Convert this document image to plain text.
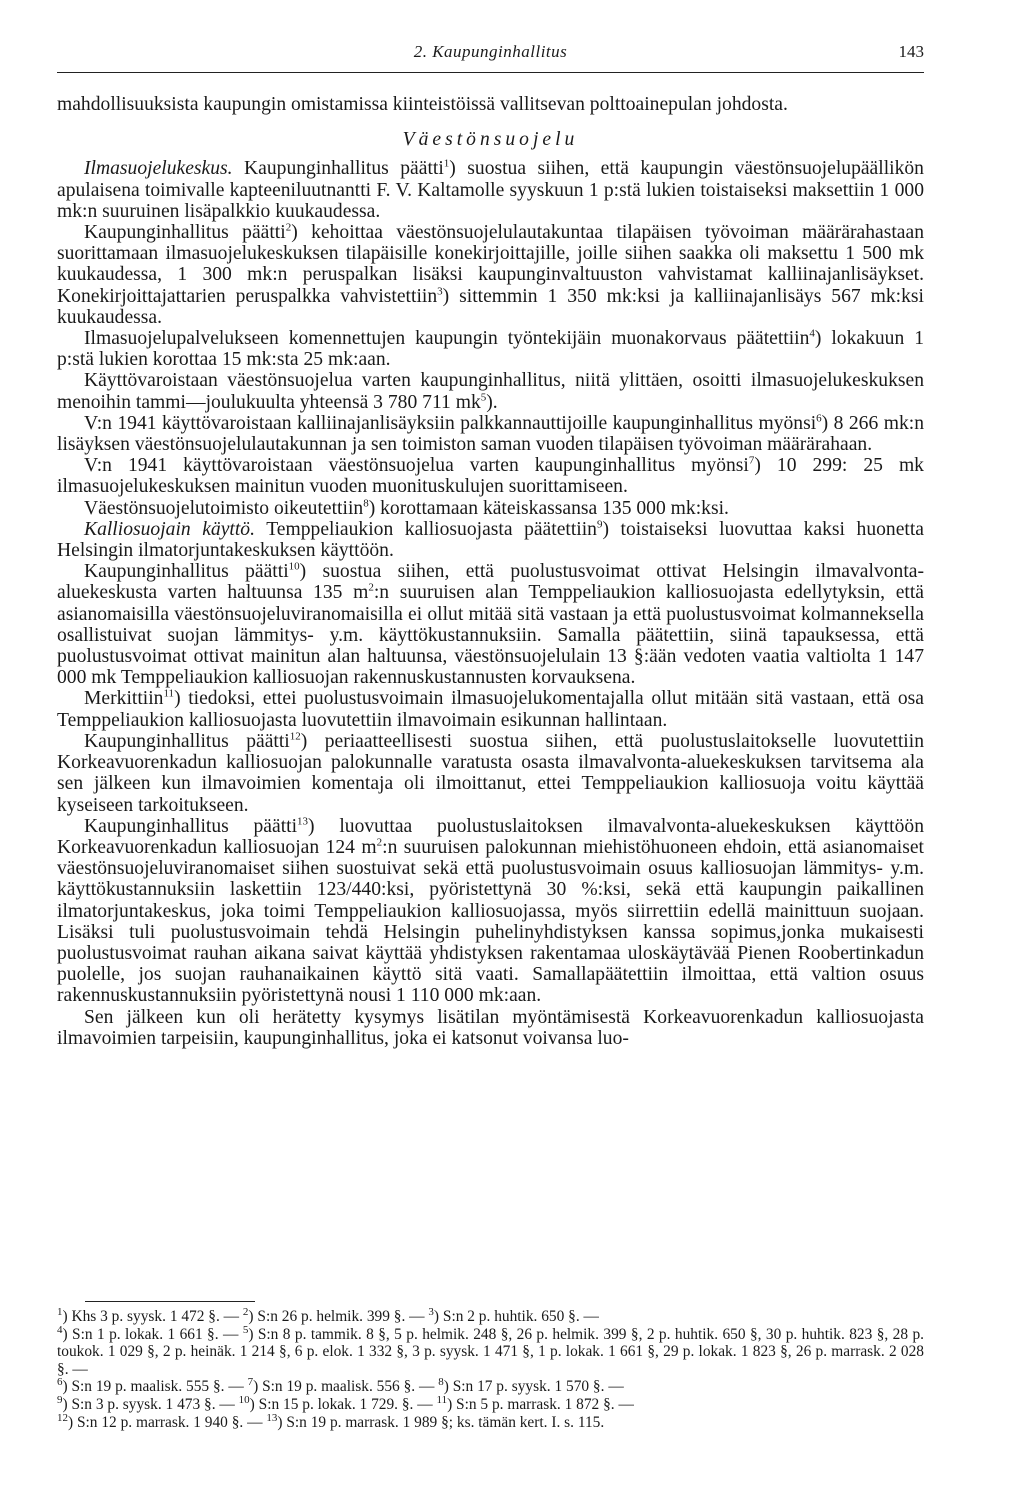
2. Kaupunginhallitus	143

mahdollisuuksista kaupungin omistamissa kiinteistöissä vallitsevan polttoainepulan johdosta.

Väestönsuojelu

Ilmasuojelukeskus. Kaupunginhallitus päätti$^1$) suostua siihen, että kaupungin väestönsuojelupäällikön apulaisena toimivalle kapteeniluutnantti F. V. Kaltamolle syyskuun 1 p:stä lukien toistaiseksi maksettiin 1 000 mk:n suuruinen lisäpalkkio kuukaudessa.

Kaupunginhallitus päätti$^2$) kehoittaa väestönsuojelulautakuntaa tilapäisen työvoiman määrärahastaan suorittamaan ilmasuojelukeskuksen tilapäisille konekirjoittajille, joille siihen saakka oli maksettu 1 500 mk kuukaudessa, 1 300 mk:n peruspalkan lisäksi kaupunginvaltuuston vahvistamat kalliinajanlisäykset. Konekirjoittajattarien peruspalkka vahvistettiin$^3$) sittemmin 1 350 mk:ksi ja kalliinajanlisäys 567 mk:ksi kuukaudessa.

Ilmasuojelupalvelukseen komennettujen kaupungin työntekijäin muonakorvaus päätettiin$^4$) lokakuun 1 p:stä lukien korottaa 15 mk:sta 25 mk:aan.

Käyttövaroistaan väestönsuojelua varten kaupunginhallitus, niitä ylittäen, osoitti ilmasuojelukeskuksen menoihin tammi—joulukuulta yhteensä 3 780 711 $mk^5$).

V:n 1941 käyttövaroistaan kalliinajanlisäyksiin palkkannauttijoille kaupunginhallitus myönsi$^6$) 8 266 mk:n lisäyksen väestönsuojelulautakunnan ja sen toimiston saman vuoden tilapäisen työvoiman määrärahaan.

V:n 1941 käyttövaroistaan väestönsuojelua varten kaupunginhallitus myönsi$^7$) 10 299: 25 mk ilmasuojelukeskuksen mainitun vuoden muonituskulujen suorittamiseen.

Väestönsuojelutoimisto oikeutettiin$^8$) korottamaan käteiskassansa 135 000 mk:ksi.

Kalliosuojain käyttö. Temppeliaukion kalliosuojasta päätettiin$^9$) toistaiseksi luovuttaa kaksi huonetta Helsingin ilmatorjuntakeskuksen käyttöön.

Kaupunginhallitus päätti$^{10}$) suostua siihen, että puolustusvoimat ottivat Helsingin ilmavalvonta-aluekeskusta varten haltuunsa 135 $m^2:n$ suuruisen alan Temppeliaukion kalliosuojasta edellytyksin, että asianomaisilla väestönsuojeluviranomaisilla ei ollut mitää sitä vastaan ja että puolustusvoimat kolmanneksella osallistuivat suojan lämmitys- y.m. käyttökustannuksiin. Samalla päätettiin, siinä tapauksessa, että puolustusvoimat ottivat mainitun alan haltuunsa, väestönsuojelulain 13 §:ään vedoten vaatia valtiolta 1 147 000 mk Temppeliaukion kalliosuojan rakennuskustannusten korvauksena.

Merkittiin$^{11}$) tiedoksi, ettei puolustusvoimain ilmasuojelukomentajalla ollut mitään sitä vastaan, että osa Temppeliaukion kalliosuojasta luovutettiin ilmavoimain esikunnan hallintaan.

Kaupunginhallitus päätti$^{12}$) periaatteellisesti suostua siihen, että puolustuslaitokselle luovutettiin Korkeavuorenkadun kalliosuojan palokunnalle varatusta osasta ilmavalvonta-aluekeskuksen tarvitsema ala sen jälkeen kun ilmavoimien komentaja oli ilmoittanut, ettei Temppeliaukion kalliosuoja voitu käyttää kyseiseen tarkoitukseen.

Kaupunginhallitus päätti$^{13}$) luovuttaa puolustuslaitoksen ilmavalvonta-aluekeskuksen käyttöön Korkeavuorenkadun kalliosuojan 124 $m^2:n$ suuruisen palokunnan miehistöhuoneen ehdoin, että asianomaiset väestönsuojeluviranomaiset siihen suostuivat sekä että puolustusvoimain osuus kalliosuojan lämmitys- y.m. käyttökustannuksiin laskettiin 123/440:ksi, pyöristettynä 30 %:ksi, sekä että kaupungin paikallinen ilmatorjuntakeskus, joka toimi Temppeliaukion kalliosuojassa, myös siirrettiin edellä mainittuun suojaan. Lisäksi tuli puolustusvoimain tehdä Helsingin puhelinyhdistyksen kanssa sopimus,jonka mukaisesti puolustusvoimat rauhan aikana saivat käyttää yhdistyksen rakentamaa uloskäytävää Pienen Roobertinkadun puolelle, jos suojan rauhanaikainen käyttö sitä vaati. Samallapäätettiin ilmoittaa, että valtion osuus rakennuskustannuksiin pyöristettynä nousi 1 110 000 mk:aan.

Sen jälkeen kun oli herätetty kysymys lisätilan myöntämisestä Korkeavuorenkadun kalliosuojasta ilmavoimien tarpeisiin, kaupunginhallitus, joka ei katsonut voivansa luo-

$^1$) Khs 3 p. syysk. 1 472 §. — $^2$) S:n 26 p. helmik. 399 §. — $^3$) S:n 2 p. huhtik. 650 §. —

$^4$) S:n 1 p. lokak. 1 661 §. — $^5$) S:n 8 p. tammik. 8 §, 5 p. helmik. 248 §, 26 p. helmik. 399 §, 2 p. huhtik. 650 §, 30 p. huhtik. 823 §, 28 p. toukok. 1 029 §, 2 p. heinäk. 1 214 §, 6 p. elok. 1 332 §, 3 p. syysk. 1 471 §, 1 p. lokak. 1 661 §, 29 p. lokak. 1 823 §, 26 p. marrask. 2 028 §. —

$^6$) S:n 19 p. maalisk. 555 §. — $^7$) S:n 19 p. maalisk. 556 §. — $^8$) S:n 17 p. syysk. 1 570 §. —

$^9$) S:n 3 p. syysk. 1 473 §. — $^{10}$) S:n 15 p. lokak. 1 729. §. — $^{11}$) S:n 5 p. marrask. 1 872 §. —

$^{12}$) S:n 12 p. marrask. 1 940 §. — $^{13}$) S:n 19 p. marrask. 1 989 §; ks. tämän kert. I. s. 115.
